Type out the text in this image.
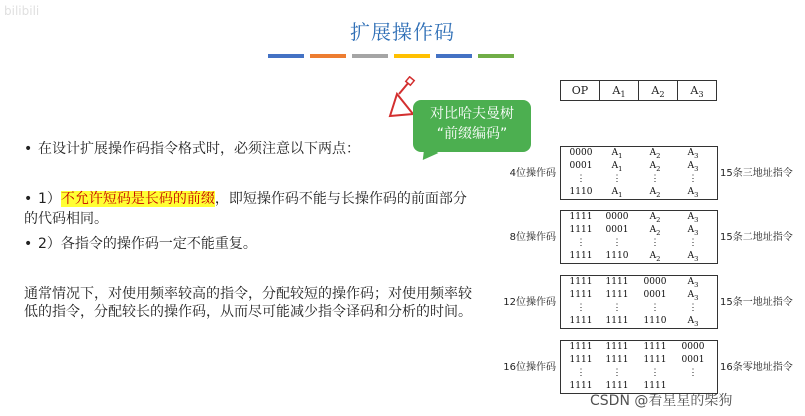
bilibili
扩展操作码
• 在设计扩展操作码指令格式时，必须注意以下两点：
• 1）不允许短码是长码的前缀，即短操作码不能与长操作码的前面部分的代码相同。
• 2）各指令的操作码一定不能重复。
通常情况下，对使用频率较高的指令，分配较短的操作码；对使用频率较低的指令，分配较长的操作码，从而尽可能减少指令译码和分析的时间。
对比哈夫曼树
“前缀编码”
OP	$A_1$	$A_2$	$A_3$
0000	$A_1$	$A_2$	$A_3$
0001	$A_1$	$A_2$	$A_3$
⋮	⋮	⋮	⋮
1110	$A_1$	$A_2$	$A_3$
4位操作码	15条三地址指令
1111	0000	$A_2$	$A_3$
1111	0001	$A_2$	$A_3$
⋮	⋮	⋮	⋮
1111	1110	$A_2$	$A_3$
8位操作码	15条二地址指令
1111	1111	0000	$A_3$
1111	1111	0001	$A_3$
⋮	⋮	⋮	⋮
1111	1111	1110	$A_3$
12位操作码	15条一地址指令
1111	1111	1111	0000
1111	1111	1111	0001
⋮	⋮	⋮	⋮
1111	1111	1111
16位操作码	16条零地址指令
CSDN @看星星的柴狗
